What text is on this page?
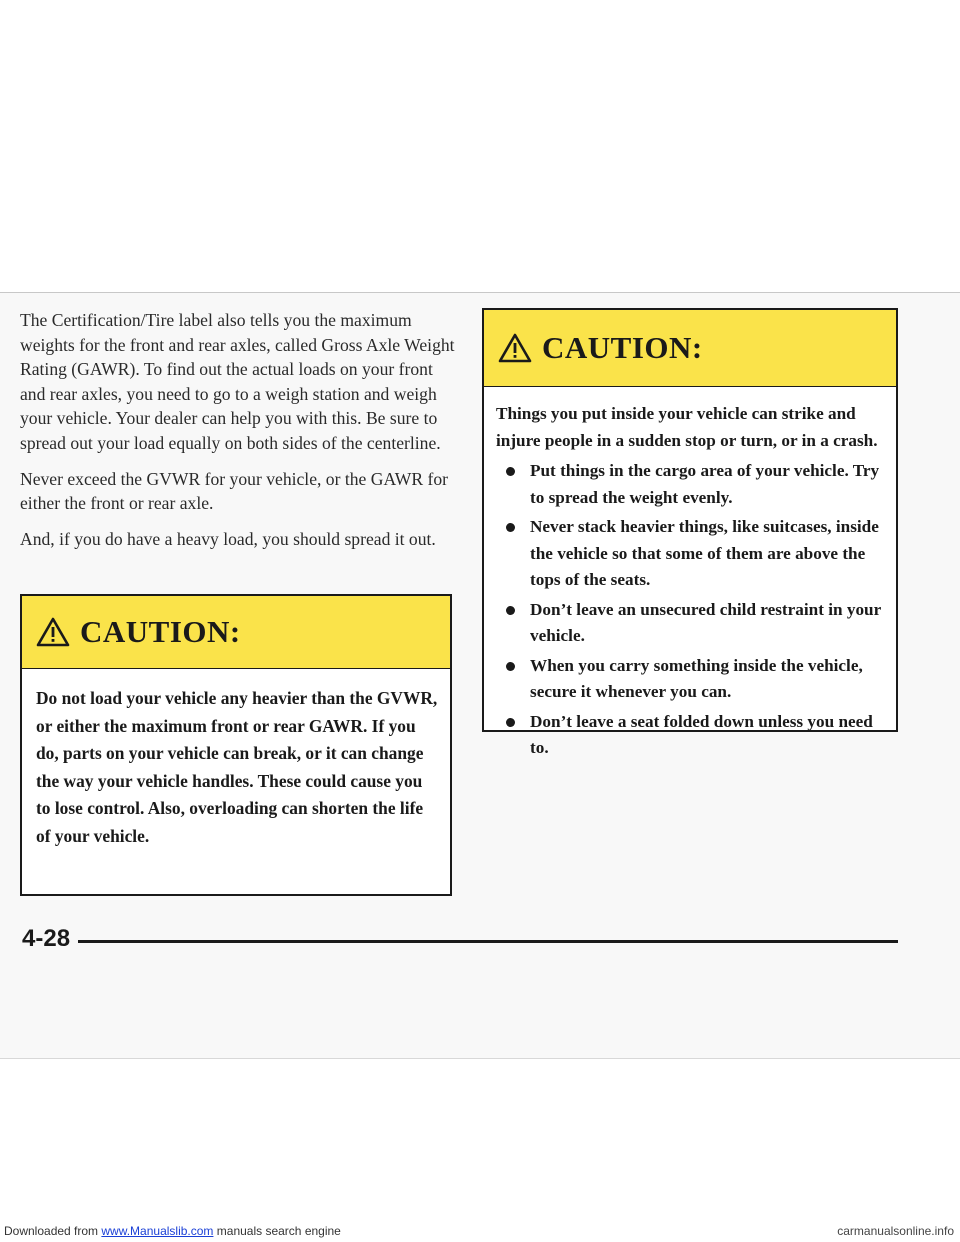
The Certification/Tire label also tells you the maximum weights for the front and rear axles, called Gross Axle Weight Rating (GAWR). To find out the actual loads on your front and rear axles, you need to go to a weigh station and weigh your vehicle. Your dealer can help you with this. Be sure to spread out your load equally on both sides of the centerline.

Never exceed the GVWR for your vehicle, or the GAWR for either the front or rear axle.

And, if you do have a heavy load, you should spread it out.

CAUTION:
Do not load your vehicle any heavier than the GVWR, or either the maximum front or rear GAWR. If you do, parts on your vehicle can break, or it can change the way your vehicle handles. These could cause you to lose control. Also, overloading can shorten the life of your vehicle.
CAUTION:

Things you put inside your vehicle can strike and injure people in a sudden stop or turn, or in a crash.

Put things in the cargo area of your vehicle. Try to spread the weight evenly.
Never stack heavier things, like suitcases, inside the vehicle so that some of them are above the tops of the seats.
Don’t leave an unsecured child restraint in your vehicle.
When you carry something inside the vehicle, secure it whenever you can.
Don’t leave a seat folded down unless you need to.
4-28
Downloaded from www.Manualslib.com manuals search engine	carmanualsonline.info
